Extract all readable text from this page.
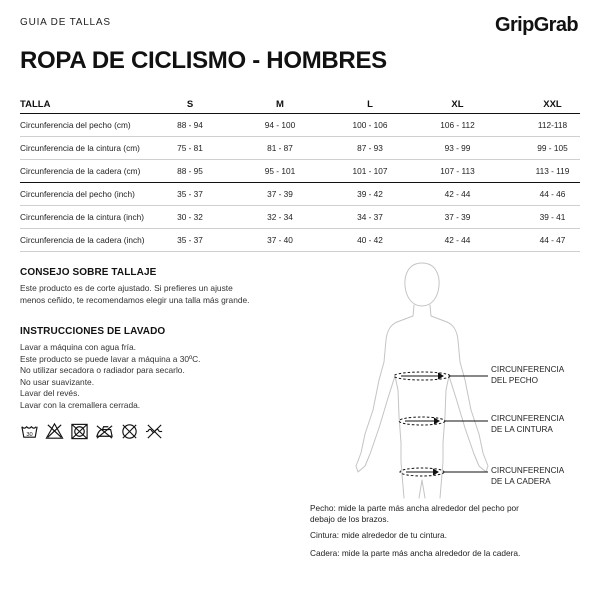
GUIA DE TALLAS	GripGrab
ROPA DE CICLISMO - HOMBRES
TALLA	S	M	L	XL	XXL
Circunferencia del pecho (cm)	88 - 94	94 - 100	100 - 106	106 - 112	112-118
Circunferencia de la cintura (cm)	75 - 81	81 - 87	87 - 93	93 - 99	99 - 105
Circunferencia de la cadera (cm)	88 - 95	95 - 101	101 - 107	107 - 113	113 - 119
Circunferencia del pecho (inch)	35 - 37	37 - 39	39 - 42	42 - 44	44 - 46
Circunferencia de la cintura (inch)	30 - 32	32 - 34	34 - 37	37 - 39	39 - 41
Circunferencia de la cadera (inch)	35 - 37	37 - 40	40 - 42	42 - 44	44 - 47
CONSEJO SOBRE TALLAJE
Este producto es de corte ajustado. Si prefieres un ajuste
menos ceñido, te recomendamos elegir una talla más grande.
INSTRUCCIONES DE LAVADO
Lavar a máquina con agua fría.
Este producto se puede lavar a máquina a 30ºC.
No utilizar secadora o radiador para secarlo.
No usar suavizante.
Lavar del revés.
Lavar con la cremallera cerrada.
30
CIRCUNFERENCIA
DEL PECHO
CIRCUNFERENCIA
DE LA CINTURA
CIRCUNFERENCIA
DE LA CADERA
Pecho: mide la parte más ancha alrededor del pecho por
debajo de los brazos.
Cintura: mide alrededor de tu cintura.
Cadera: mide la parte más ancha alrededor de la cadera.
